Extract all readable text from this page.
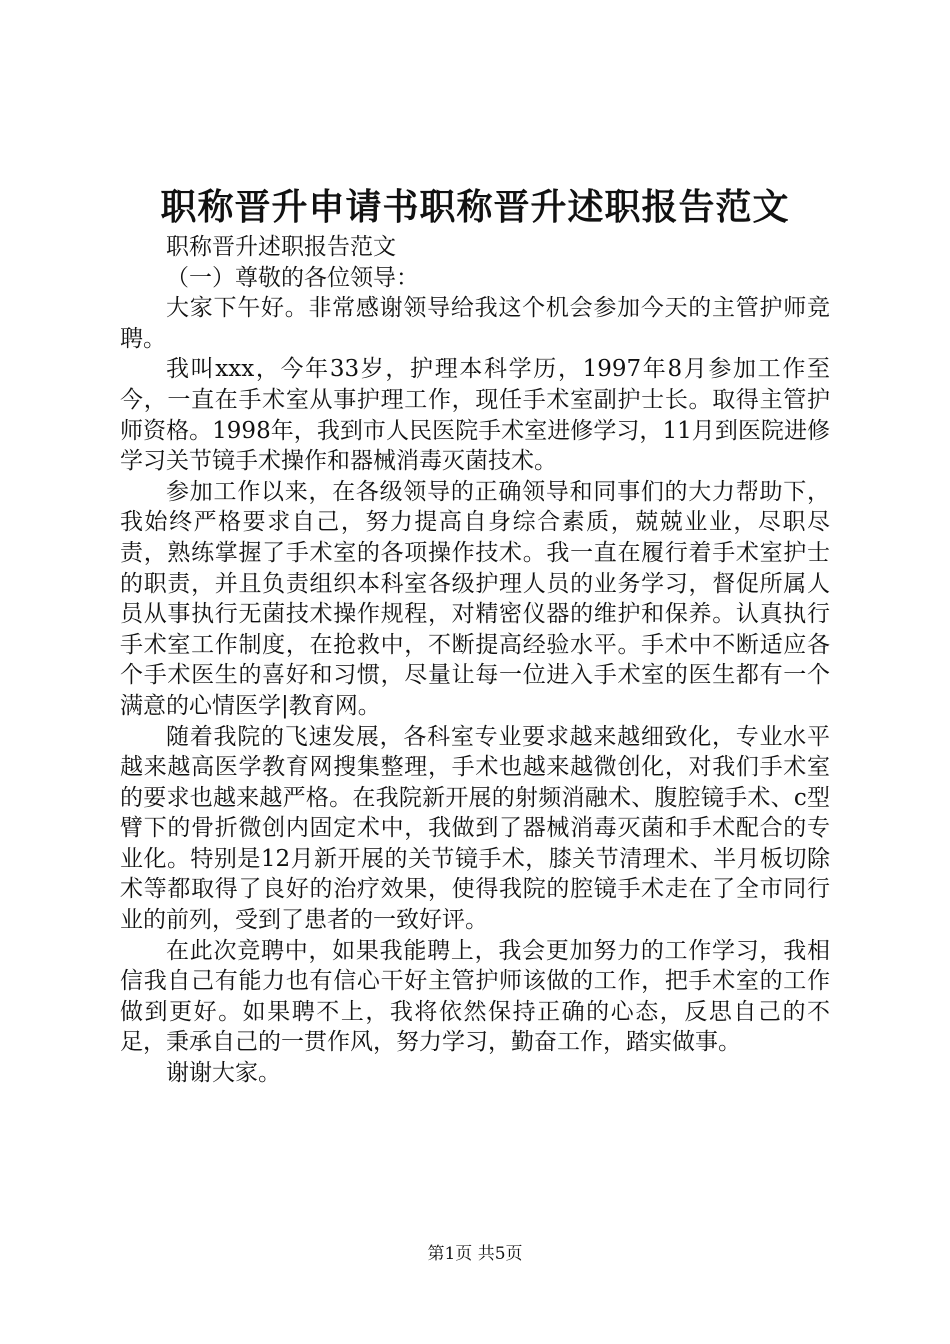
职称晋升申请书职称晋升述职报告范文

职称晋升述职报告范文

（一）尊敬的各位领导：

大家下午好。非常感谢领导给我这个机会参加今天的主管护师竞聘。

我叫xxx，今年33岁，护理本科学历，1997年8月参加工作至今，一直在手术室从事护理工作，现任手术室副护士长。取得主管护师资格。1998年，我到市人民医院手术室进修学习，11月到医院进修学习关节镜手术操作和器械消毒灭菌技术。

参加工作以来，在各级领导的正确领导和同事们的大力帮助下，我始终严格要求自己，努力提高自身综合素质，兢兢业业，尽职尽责，熟练掌握了手术室的各项操作技术。我一直在履行着手术室护士的职责，并且负责组织本科室各级护理人员的业务学习，督促所属人员从事执行无菌技术操作规程，对精密仪器的维护和保养。认真执行手术室工作制度，在抢救中，不断提高经验水平。手术中不断适应各个手术医生的喜好和习惯，尽量让每一位进入手术室的医生都有一个满意的心情医学|教育网。

随着我院的飞速发展，各科室专业要求越来越细致化，专业水平越来越高医学教育网搜集整理，手术也越来越微创化，对我们手术室的要求也越来越严格。在我院新开展的射频消融术、腹腔镜手术、c型臂下的骨折微创内固定术中，我做到了器械消毒灭菌和手术配合的专业化。特别是12月新开展的关节镜手术，膝关节清理术、半月板切除术等都取得了良好的治疗效果，使得我院的腔镜手术走在了全市同行业的前列，受到了患者的一致好评。

在此次竞聘中，如果我能聘上，我会更加努力的工作学习，我相信我自己有能力也有信心干好主管护师该做的工作，把手术室的工作做到更好。如果聘不上，我将依然保持正确的心态，反思自己的不足，秉承自己的一贯作风，努力学习，勤奋工作，踏实做事。

谢谢大家。

第1页 共5页
